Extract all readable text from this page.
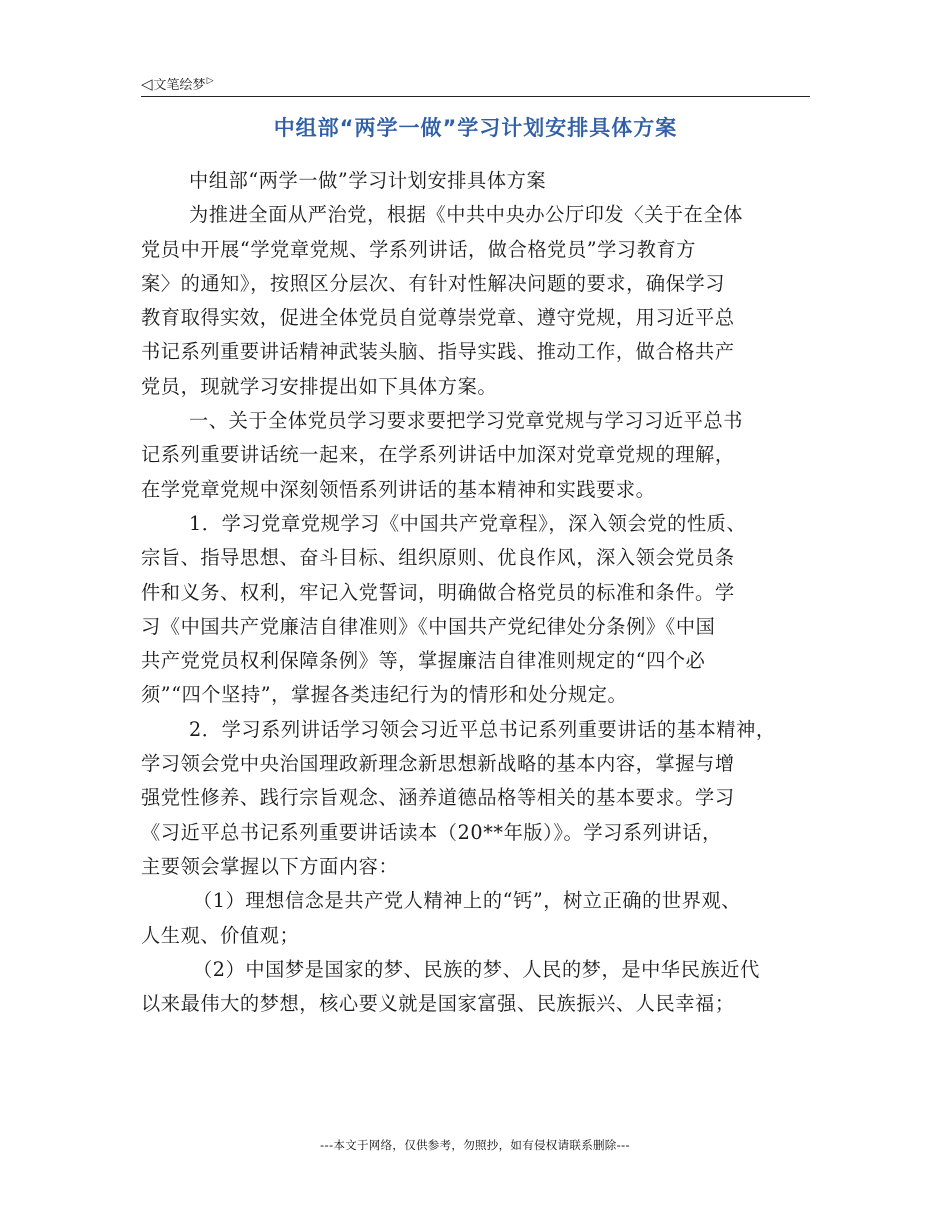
◁ 文笔绘梦 ▷
中组部“两学一做”学习计划安排具体方案
中组部“两学一做”学习计划安排具体方案
为推进全面从严治党，根据《中共中央办公厅印发〈关于在全体
党员中开展“学党章党规、学系列讲话，做合格党员”学习教育方
案〉的通知》，按照区分层次、有针对性解决问题的要求，确保学习
教育取得实效，促进全体党员自觉尊崇党章、遵守党规，用习近平总
书记系列重要讲话精神武装头脑、指导实践、推动工作，做合格共产
党员，现就学习安排提出如下具体方案。
一、关于全体党员学习要求要把学习党章党规与学习习近平总书
记系列重要讲话统一起来，在学系列讲话中加深对党章党规的理解，
在学党章党规中深刻领悟系列讲话的基本精神和实践要求。
1．学习党章党规学习《中国共产党章程》，深入领会党的性质、
宗旨、指导思想、奋斗目标、组织原则、优良作风，深入领会党员条
件和义务、权利，牢记入党誓词，明确做合格党员的标准和条件。学
习《中国共产党廉洁自律准则》《中国共产党纪律处分条例》《中国
共产党党员权利保障条例》等，掌握廉洁自律准则规定的“四个必
须”“四个坚持”，掌握各类违纪行为的情形和处分规定。
2．学习系列讲话学习领会习近平总书记系列重要讲话的基本精神，
学习领会党中央治国理政新理念新思想新战略的基本内容，掌握与增
强党性修养、践行宗旨观念、涵养道德品格等相关的基本要求。学习
《习近平总书记系列重要讲话读本（20**年版）》。学习系列讲话，
主要领会掌握以下方面内容：
（1）理想信念是共产党人精神上的“钙”，树立正确的世界观、
人生观、价值观；
（2）中国梦是国家的梦、民族的梦、人民的梦，是中华民族近代
以来最伟大的梦想，核心要义就是国家富强、民族振兴、人民幸福；
---本文于网络，仅供参考，勿照抄，如有侵权请联系删除---
